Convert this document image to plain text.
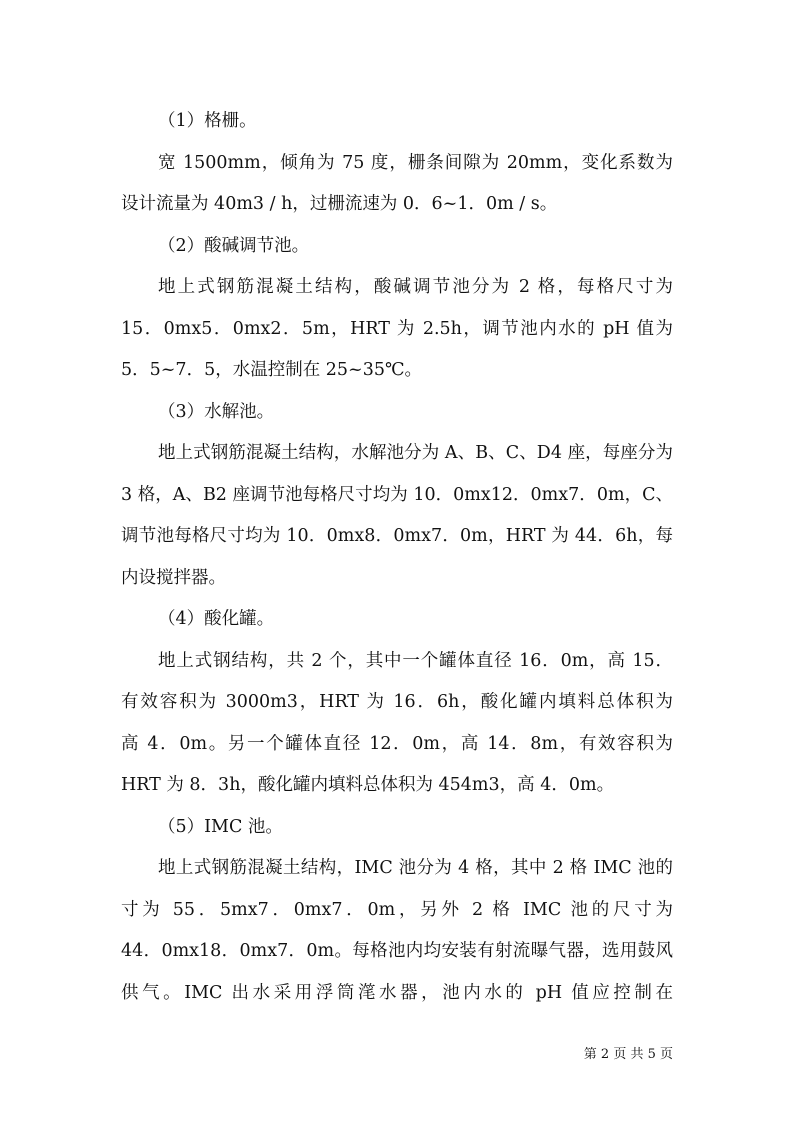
（1）格栅。
宽 1500mm，倾角为 75 度，栅条间隙为 20mm，变化系数为
设计流量为 40m3 / h，过栅流速为 0．6~1．0m / s。
（2）酸碱调节池。
地上式钢筋混凝土结构，酸碱调节池分为 2 格，每格尺寸为
15．0mx5．0mx2．5m，HRT 为 2.5h，调节池内水的 pH 值为
5．5~7．5，水温控制在 25~35℃。
（3）水解池。
地上式钢筋混凝土结构，水解池分为 A、B、C、D4 座，每座分为
3 格，A、B2 座调节池每格尺寸均为 10．0mx12．0mx7．0m，C、
调节池每格尺寸均为 10．0mx8．0mx7．0m，HRT 为 44．6h，每
内设搅拌器。
（4）酸化罐。
地上式钢结构，共 2 个，其中一个罐体直径 16．0m，高 15．
有效容积为 3000m3，HRT 为 16．6h，酸化罐内填料总体积为
高 4．0m。另一个罐体直径 12．0m，高 14．8m，有效容积为
HRT 为 8．3h，酸化罐内填料总体积为 454m3，高 4．0m。
（5）IMC 池。
地上式钢筋混凝土结构，IMC 池分为 4 格，其中 2 格 IMC 池的
寸为 55．5mx7．0mx7．0m，另外 2 格 IMC 池的尺寸为
44．0mx18．0mx7．0m。每格池内均安装有射流曝气器，选用鼓风
供气。IMC 出水采用浮筒滗水器，池内水的 pH 值应控制在
第 2 页 共 5 页
